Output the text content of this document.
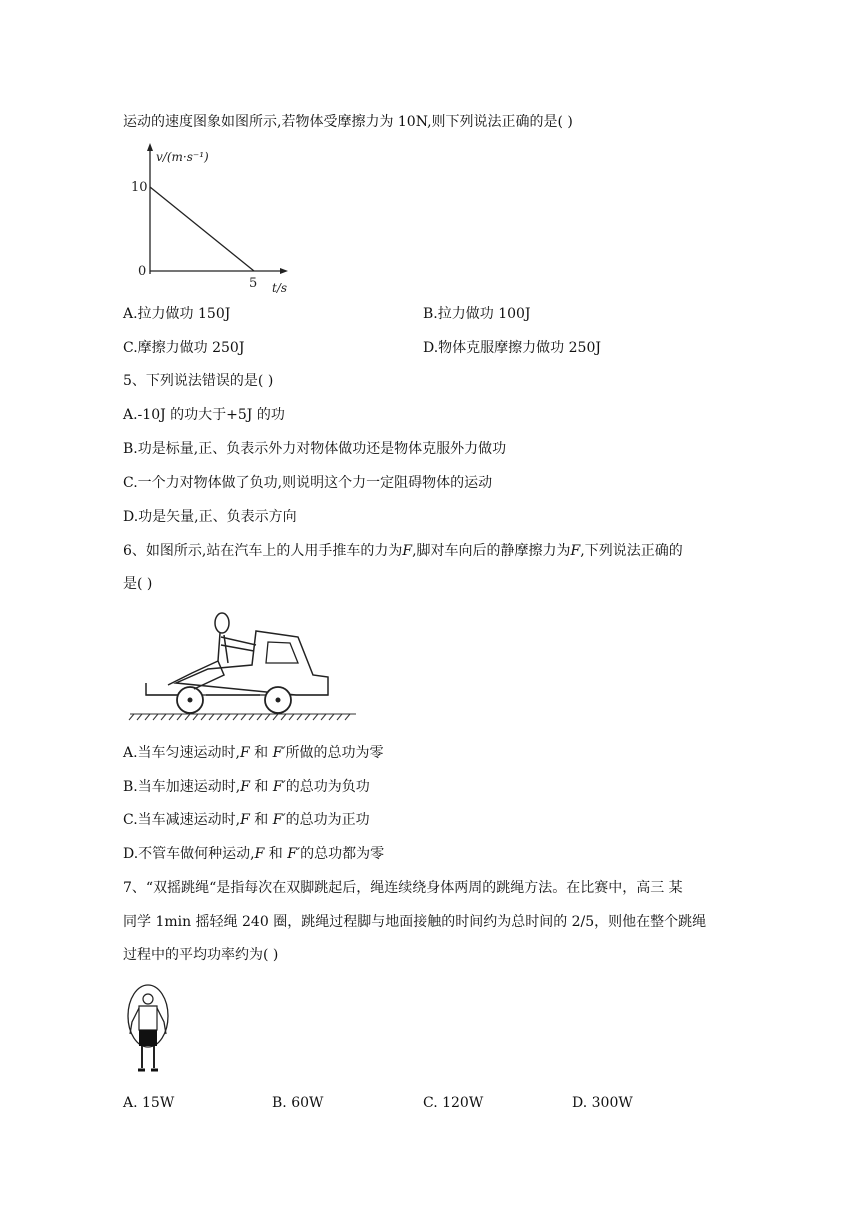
运动的速度图象如图所示,若物体受摩擦力为 10N,则下列说法正确的是( )
v/(m·s⁻¹)
10
0
5 t/s
A.拉力做功 150J	B.拉力做功 100J
C.摩擦力做功 250J	D.物体克服摩擦力做功 250J
5、下列说法错误的是( )
A.-10J 的功大于+5J 的功
B.功是标量,正、负表示外力对物体做功还是物体克服外力做功
C.一个力对物体做了负功,则说明这个力一定阻碍物体的运动
D.功是矢量,正、负表示方向
6、如图所示,站在汽车上的人用手推车的力为F,脚对车向后的静摩擦力为F,下列说法正确的
是( )
A.当车匀速运动时,F 和 F′所做的总功为零
B.当车加速运动时,F 和 F′的总功为负功
C.当车减速运动时,F 和 F′的总功为正功
D.不管车做何种运动,F 和 F′的总功都为零
7、“双摇跳绳“是指每次在双脚跳起后，绳连续绕身体两周的跳绳方法。在比赛中，高三 某
同学 1min 摇轻绳 240 圈，跳绳过程脚与地面接触的时间约为总时间的 2/5，则他在整个跳绳
过程中的平均功率约为( )
A. 15W	B. 60W	C. 120W	D. 300W
